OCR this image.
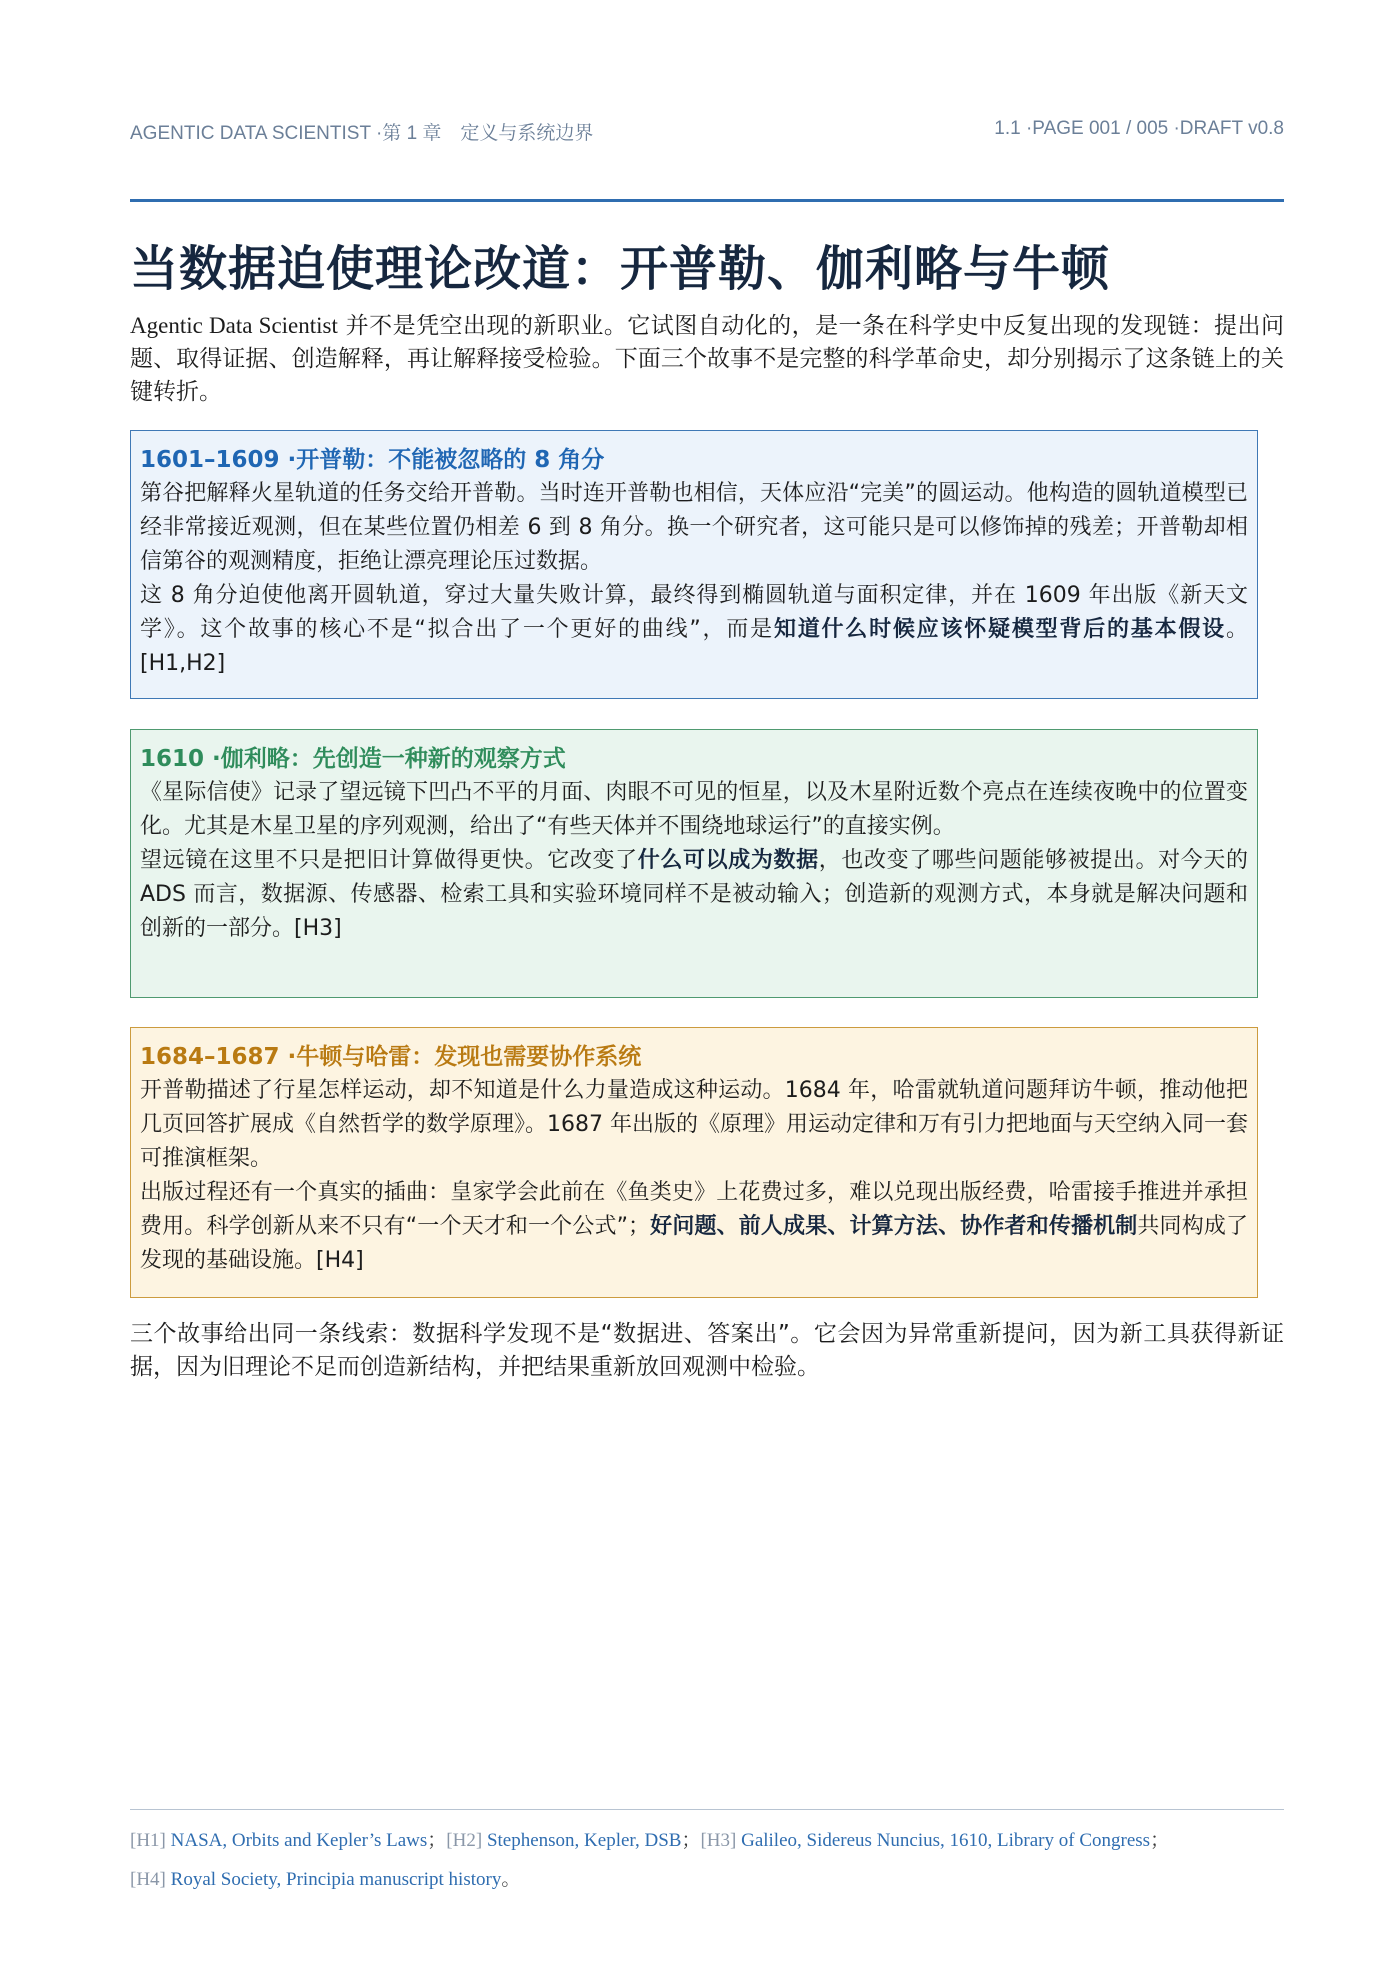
AGENTIC DATA SCIENTIST ·第 1 章　定义与系统边界	1.1 ·PAGE 001 / 005 ·DRAFT v0.8
当数据迫使理论改道：开普勒、伽利略与牛顿
Agentic Data Scientist 并不是凭空出现的新职业。它试图自动化的，是一条在科学史中反复出现的发现链：提出问题、取得证据、创造解释，再让解释接受检验。下面三个故事不是完整的科学革命史，却分别揭示了这条链上的关键转折。
1601–1609 ·开普勒：不能被忽略的 8 角分

第谷把解释火星轨道的任务交给开普勒。当时连开普勒也相信，天体应沿“完美”的圆运动。他构造的圆轨道模型已经非常接近观测，但在某些位置仍相差 6 到 8 角分。换一个研究者，这可能只是可以修饰掉的残差；开普勒却相信第谷的观测精度，拒绝让漂亮理论压过数据。

这 8 角分迫使他离开圆轨道，穿过大量失败计算，最终得到椭圆轨道与面积定律，并在 1609 年出版《新天文学》。这个故事的核心不是“拟合出了一个更好的曲线”，而是知道什么时候应该怀疑模型背后的基本假设。[H1,H2]

1610 ·伽利略：先创造一种新的观察方式

《星际信使》记录了望远镜下凹凸不平的月面、肉眼不可见的恒星，以及木星附近数个亮点在连续夜晚中的位置变化。尤其是木星卫星的序列观测，给出了“有些天体并不围绕地球运行”的直接实例。

望远镜在这里不只是把旧计算做得更快。它改变了什么可以成为数据，也改变了哪些问题能够被提出。对今天的 ADS 而言，数据源、传感器、检索工具和实验环境同样不是被动输入；创造新的观测方式，本身就是解决问题和创新的一部分。[H3]

1684–1687 ·牛顿与哈雷：发现也需要协作系统

开普勒描述了行星怎样运动，却不知道是什么力量造成这种运动。1684 年，哈雷就轨道问题拜访牛顿，推动他把几页回答扩展成《自然哲学的数学原理》。1687 年出版的《原理》用运动定律和万有引力把地面与天空纳入同一套可推演框架。

出版过程还有一个真实的插曲：皇家学会此前在《鱼类史》上花费过多，难以兑现出版经费，哈雷接手推进并承担费用。科学创新从来不只有“一个天才和一个公式”；好问题、前人成果、计算方法、协作者和传播机制共同构成了发现的基础设施。[H4]

三个故事给出同一条线索：数据科学发现不是“数据进、答案出”。它会因为异常重新提问，因为新工具获得新证据，因为旧理论不足而创造新结构，并把结果重新放回观测中检验。
[H1] NASA, Orbits and Kepler’s Laws；[H2] Stephenson, Kepler, DSB；[H3] Galileo, Sidereus Nuncius, 1610, Library of Congress；
[H4] Royal Society, Principia manuscript history。
